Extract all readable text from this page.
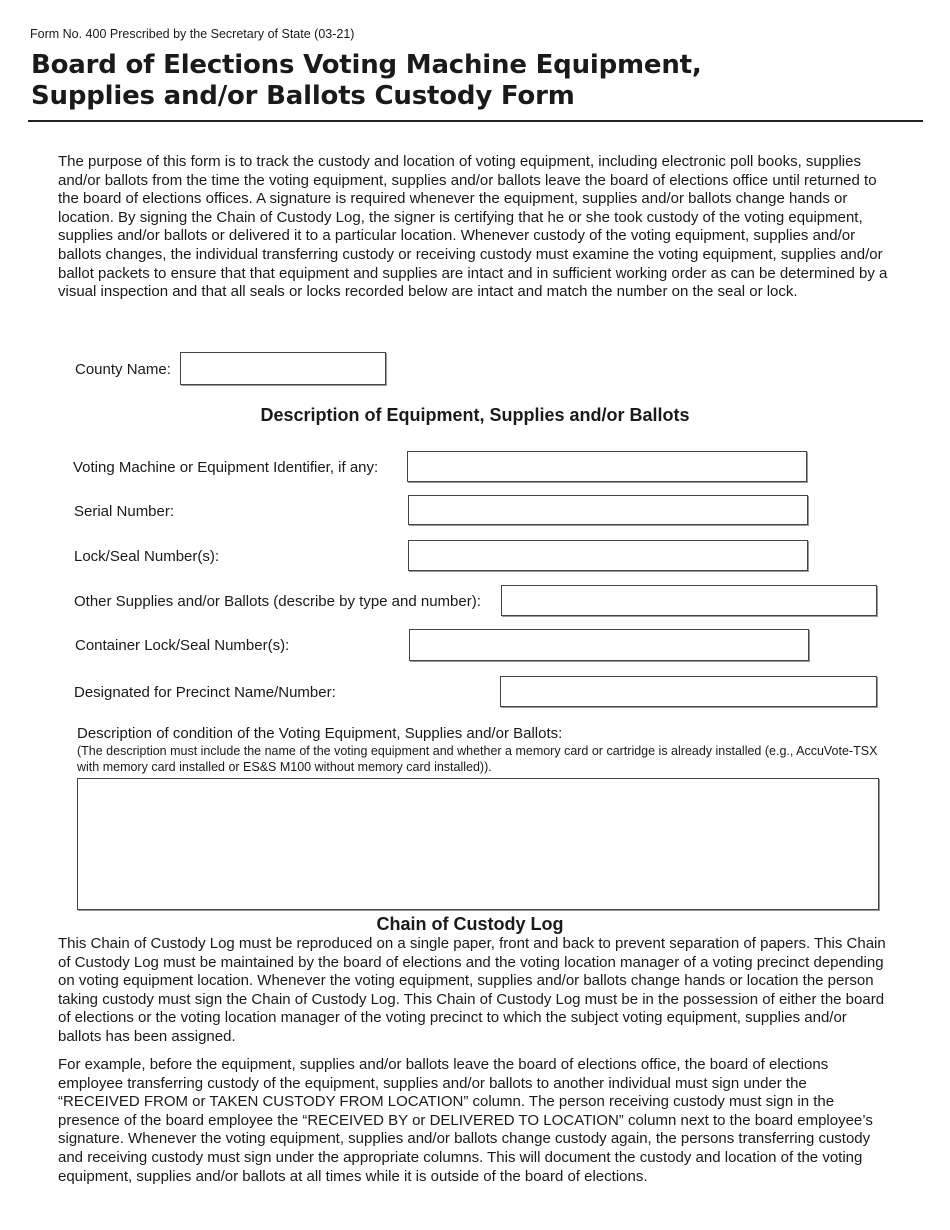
Form No. 400 Prescribed by the Secretary of State (03-21)
Board of Elections Voting Machine Equipment,
Supplies and/or Ballots Custody Form

The purpose of this form is to track the custody and location of voting equipment, including electronic poll books, supplies and/or ballots from the time the voting equipment, supplies and/or ballots leave the board of elections office until returned to the board of elections offices. A signature is required whenever the equipment, supplies and/or ballots change hands or location. By signing the Chain of Custody Log, the signer is certifying that he or she took custody of the voting equipment, supplies and/or ballots or delivered it to a particular location. Whenever custody of the voting equipment, supplies and/or ballots changes, the individual transferring custody or receiving custody must examine the voting equipment, supplies and/or ballot packets to ensure that that equipment and supplies are intact and in sufficient working order as can be determined by a visual inspection and that all seals or locks recorded below are intact and match the number on the seal or lock.

County Name:
Description of Equipment, Supplies and/or Ballots
Voting Machine or Equipment Identifier, if any:
Serial Number:
Lock/Seal Number(s):
Other Supplies and/or Ballots (describe by type and number):
Container Lock/Seal Number(s):
Designated for Precinct Name/Number:
Description of condition of the Voting Equipment, Supplies and/or Ballots:
(The description must include the name of the voting equipment and whether a memory card or cartridge is already installed (e.g., AccuVote-TSX with memory card installed or ES&S M100 without memory card installed)).
Chain of Custody Log

This Chain of Custody Log must be reproduced on a single paper, front and back to prevent separation of papers. This Chain of Custody Log must be maintained by the board of elections and the voting location manager of a voting precinct depending on voting equipment location. Whenever the voting equipment, supplies and/or ballots change hands or location the person taking custody must sign the Chain of Custody Log. This Chain of Custody Log must be in the possession of either the board of elections or the voting location manager of the voting precinct to which the subject voting equipment, supplies and/or ballots has been assigned.

For example, before the equipment, supplies and/or ballots leave the board of elections office, the board of elections employee transferring custody of the equipment, supplies and/or ballots to another individual must sign under the “RECEIVED FROM or TAKEN CUSTODY FROM LOCATION” column. The person receiving custody must sign in the presence of the board employee the “RECEIVED BY or DELIVERED TO LOCATION” column next to the board employee’s signature. Whenever the voting equipment, supplies and/or ballots change custody again, the persons transferring custody and receiving custody must sign under the appropriate columns. This will document the custody and location of the voting equipment, supplies and/or ballots at all times while it is outside of the board of elections.
